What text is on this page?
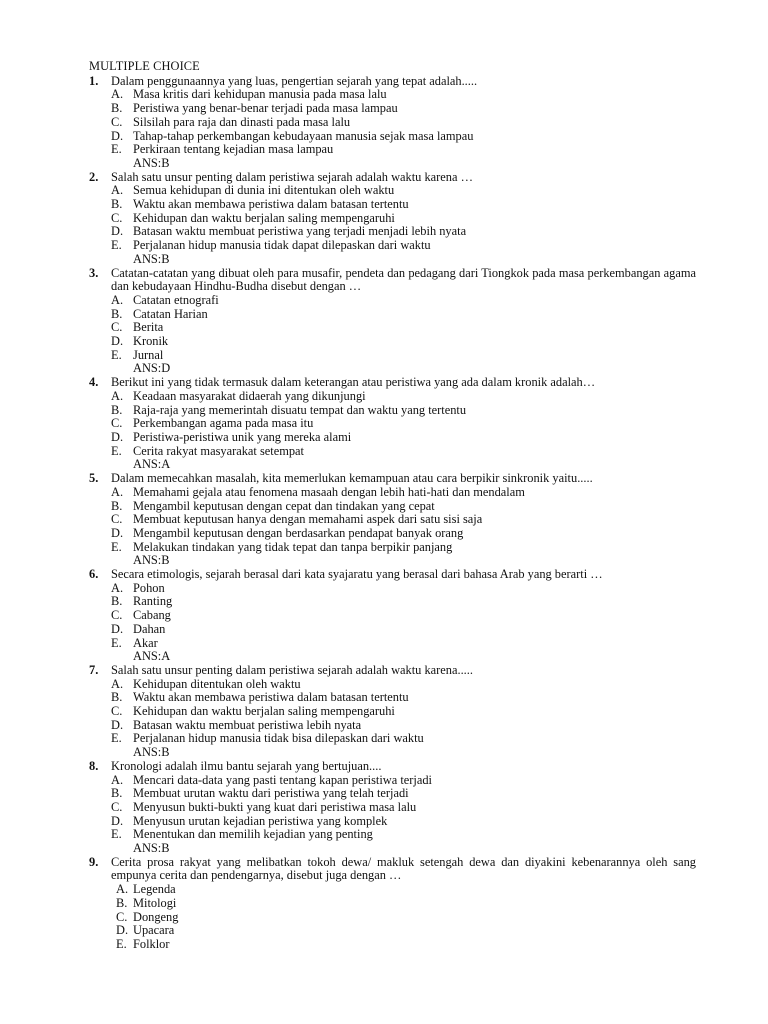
MULTIPLE CHOICE
1.	Dalam penggunaannya yang luas, pengertian sejarah yang tepat adalah.....
A. Masa kritis dari kehidupan manusia pada masa lalu
B. Peristiwa yang benar-benar terjadi pada masa lampau
C. Silsilah para raja dan dinasti pada masa lalu
D. Tahap-tahap perkembangan kebudayaan manusia sejak masa lampau
E. Perkiraan tentang kejadian masa lampau
ANS:B
2.	Salah satu unsur penting dalam peristiwa sejarah adalah waktu karena …
A. Semua kehidupan di dunia ini ditentukan oleh waktu
B. Waktu akan membawa peristiwa dalam batasan tertentu
C. Kehidupan dan waktu berjalan saling mempengaruhi
D. Batasan waktu membuat peristiwa yang terjadi menjadi lebih nyata
E. Perjalanan hidup manusia tidak dapat dilepaskan dari waktu
ANS:B
3.	Catatan-catatan yang dibuat oleh para musafir, pendeta dan pedagang dari Tiongkok pada masa perkembangan agama dan kebudayaan Hindhu-Budha disebut dengan …
A. Catatan etnografi
B. Catatan Harian
C. Berita
D. Kronik
E. Jurnal
ANS:D
4.	Berikut ini yang tidak termasuk dalam keterangan atau peristiwa yang ada dalam kronik adalah…
A. Keadaan masyarakat didaerah yang dikunjungi
B. Raja-raja yang memerintah disuatu tempat dan waktu yang tertentu
C. Perkembangan agama pada masa itu
D. Peristiwa-peristiwa unik yang mereka alami
E. Cerita rakyat masyarakat setempat
ANS:A
5.	Dalam memecahkan masalah, kita memerlukan kemampuan atau cara berpikir sinkronik yaitu.....
A. Memahami gejala atau fenomena masaah dengan lebih hati-hati dan mendalam
B. Mengambil keputusan dengan cepat dan tindakan yang cepat
C. Membuat keputusan hanya dengan memahami aspek dari satu sisi saja
D. Mengambil keputusan dengan berdasarkan pendapat banyak orang
E. Melakukan tindakan yang tidak tepat dan tanpa berpikir panjang
ANS:B
6.	Secara etimologis, sejarah berasal dari kata syajaratu yang berasal dari bahasa Arab yang berarti …
A. Pohon
B. Ranting
C. Cabang
D. Dahan
E. Akar
ANS:A
7.	Salah satu unsur penting dalam peristiwa sejarah adalah waktu karena.....
A. Kehidupan ditentukan oleh waktu
B. Waktu akan membawa peristiwa dalam batasan tertentu
C. Kehidupan dan waktu berjalan saling mempengaruhi
D. Batasan waktu membuat peristiwa lebih nyata
E. Perjalanan hidup manusia tidak bisa dilepaskan dari waktu
ANS:B
8.	Kronologi adalah ilmu bantu sejarah yang bertujuan....
A. Mencari data-data yang pasti tentang kapan peristiwa terjadi
B. Membuat urutan waktu dari peristiwa yang telah terjadi
C. Menyusun bukti-bukti yang kuat dari peristiwa masa lalu
D. Menyusun urutan kejadian peristiwa yang komplek
E. Menentukan dan memilih kejadian yang penting
ANS:B
9.	Cerita prosa rakyat yang melibatkan tokoh dewa/ makluk setengah dewa dan diyakini kebenarannya oleh sang empunya cerita dan pendengarnya, disebut juga dengan …
A. Legenda
B. Mitologi
C. Dongeng
D. Upacara
E. Folklor
